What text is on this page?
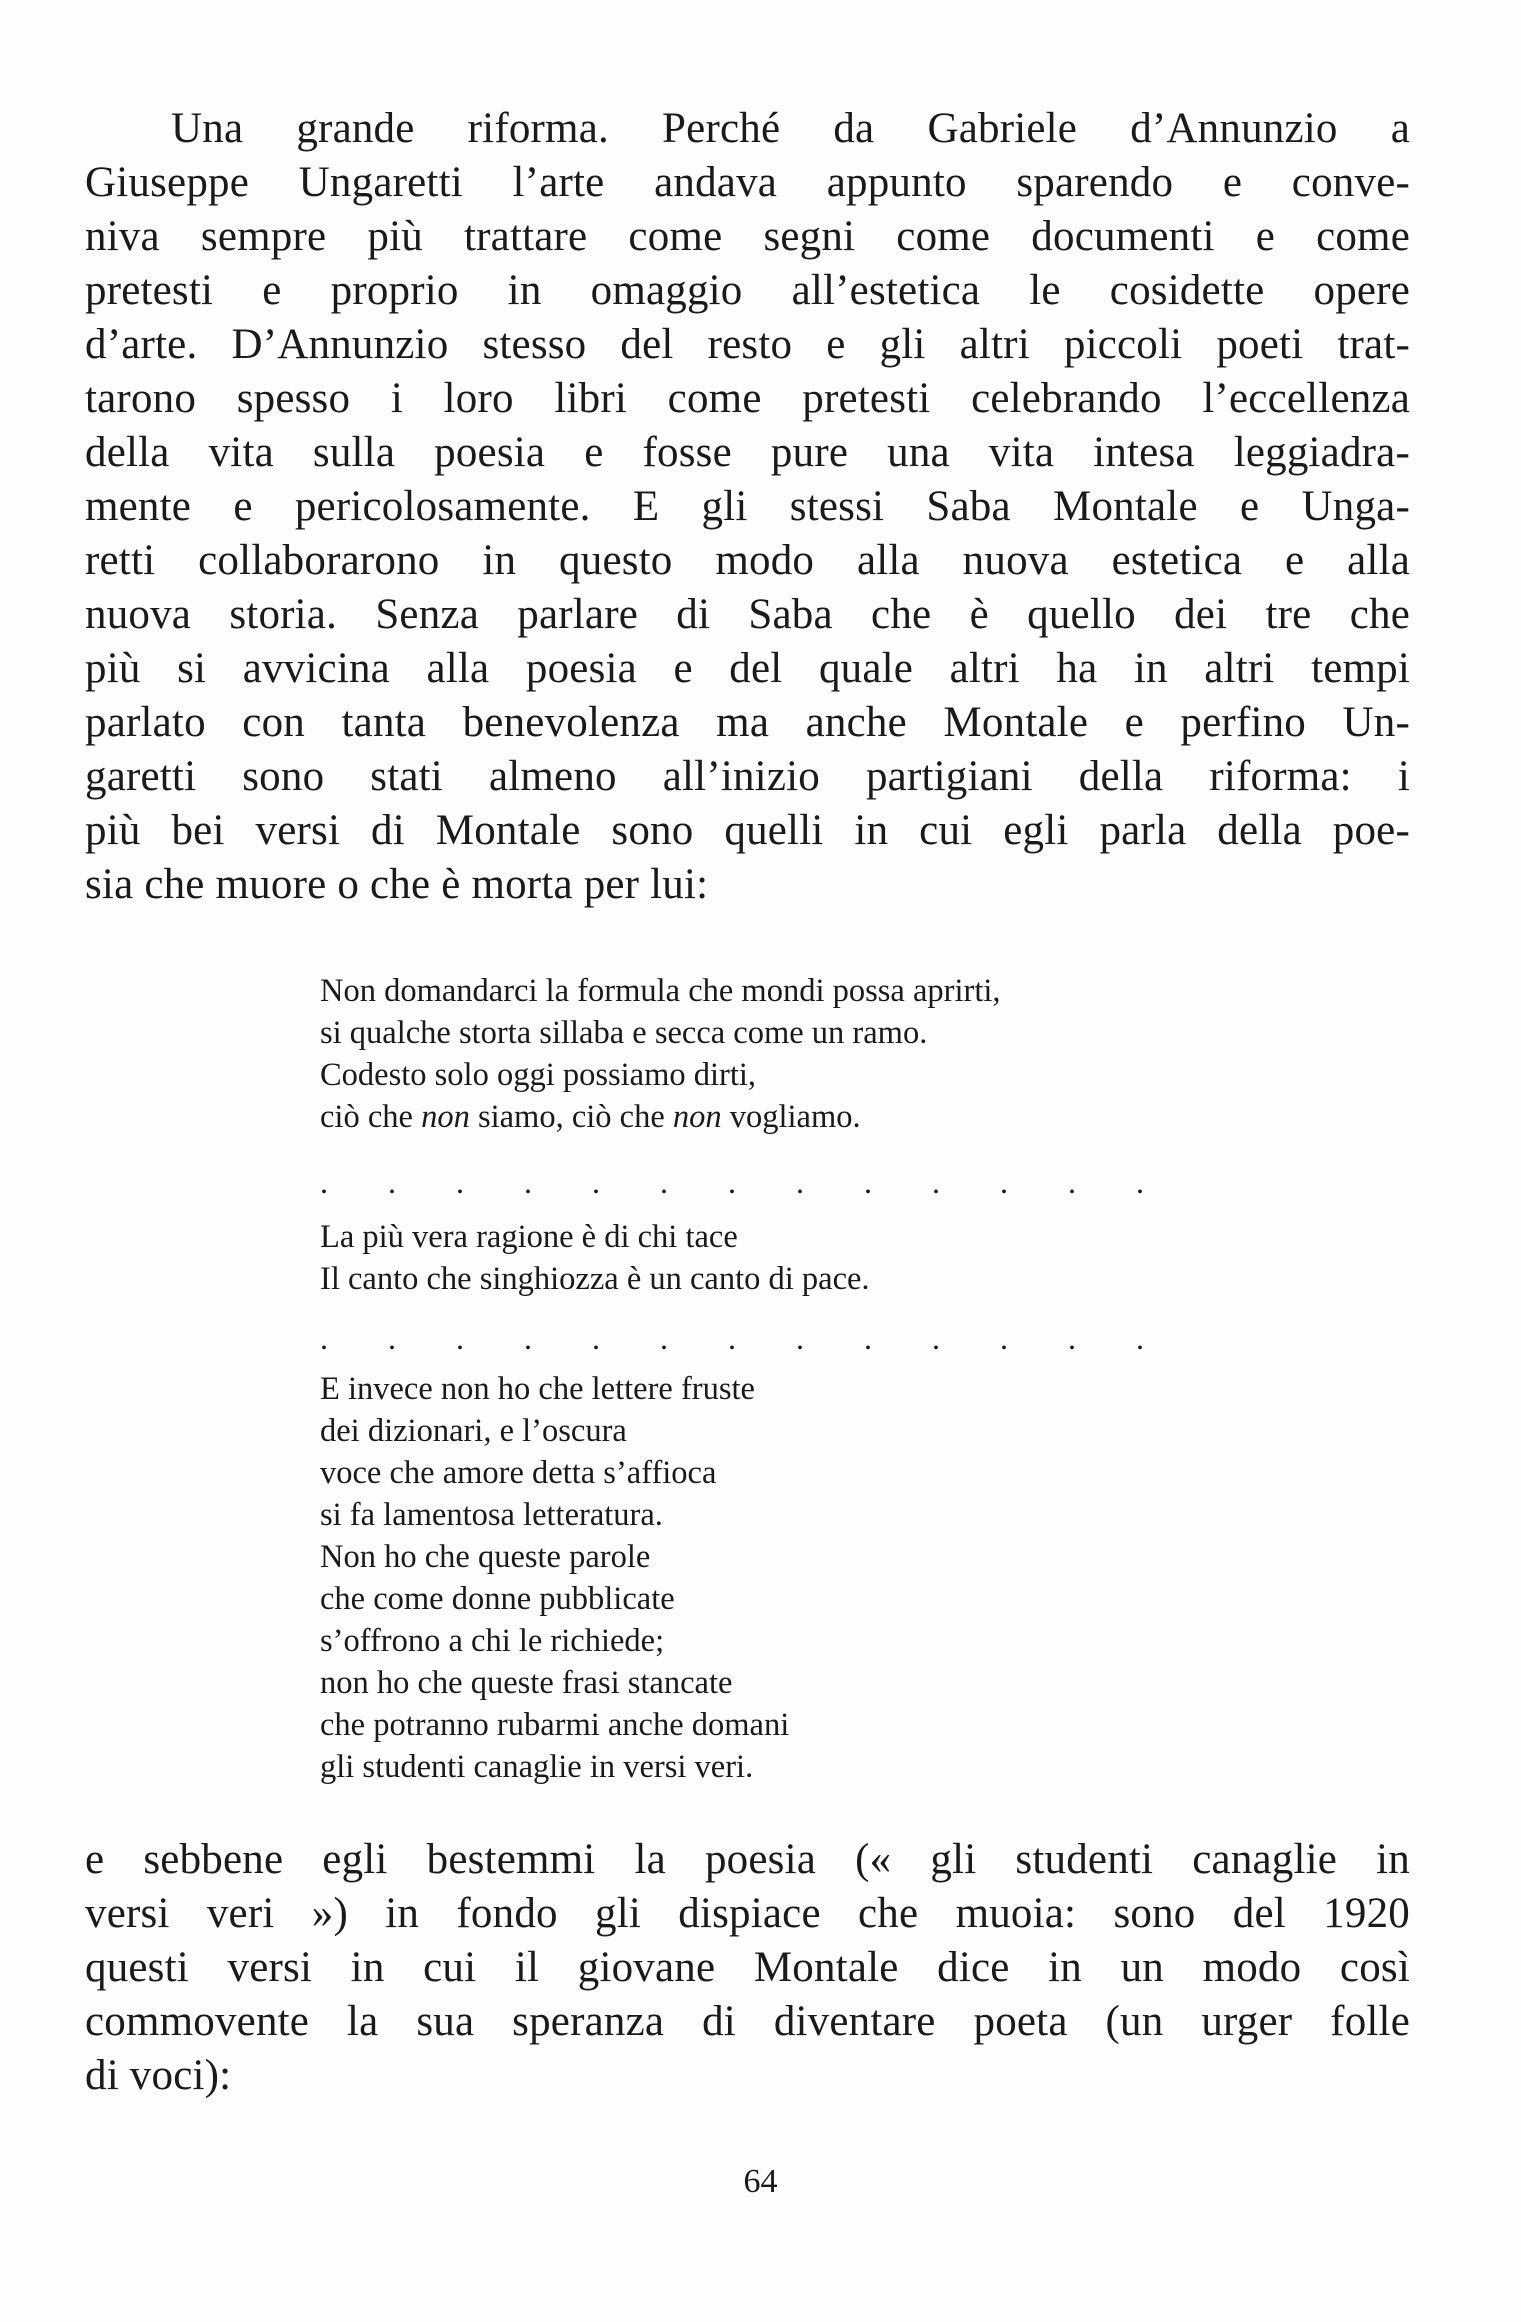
Una grande riforma. Perché da Gabriele d’Annunzio a
Giuseppe Ungaretti l’arte andava appunto sparendo e conve-
niva sempre più trattare come segni come documenti e come
pretesti e proprio in omaggio all’estetica le cosidette opere
d’arte. D’Annunzio stesso del resto e gli altri piccoli poeti trat-
tarono spesso i loro libri come pretesti celebrando l’eccellenza
della vita sulla poesia e fosse pure una vita intesa leggiadra-
mente e pericolosamente. E gli stessi Saba Montale e Unga-
retti collaborarono in questo modo alla nuova estetica e alla
nuova storia. Senza parlare di Saba che è quello dei tre che
più si avvicina alla poesia e del quale altri ha in altri tempi
parlato con tanta benevolenza ma anche Montale e perfino Un-
garetti sono stati almeno all’inizio partigiani della riforma: i
più bei versi di Montale sono quelli in cui egli parla della poe-
sia che muore o che è morta per lui:
Non domandarci la formula che mondi possa aprirti,
si qualche storta sillaba e secca come un ramo.
Codesto solo oggi possiamo dirti,
ciò che non siamo, ciò che non vogliamo.
. . . . . . . . . . . . .
La più vera ragione è di chi tace
Il canto che singhiozza è un canto di pace.
. . . . . . . . . . . . .
E invece non ho che lettere fruste
dei dizionari, e l’oscura
voce che amore detta s’affioca
si fa lamentosa letteratura.
Non ho che queste parole
che come donne pubblicate
s’offrono a chi le richiede;
non ho che queste frasi stancate
che potranno rubarmi anche domani
gli studenti canaglie in versi veri.
e sebbene egli bestemmi la poesia (« gli studenti canaglie in
versi veri ») in fondo gli dispiace che muoia: sono del 1920
questi versi in cui il giovane Montale dice in un modo così
commovente la sua speranza di diventare poeta (un urger folle
di voci):
64
